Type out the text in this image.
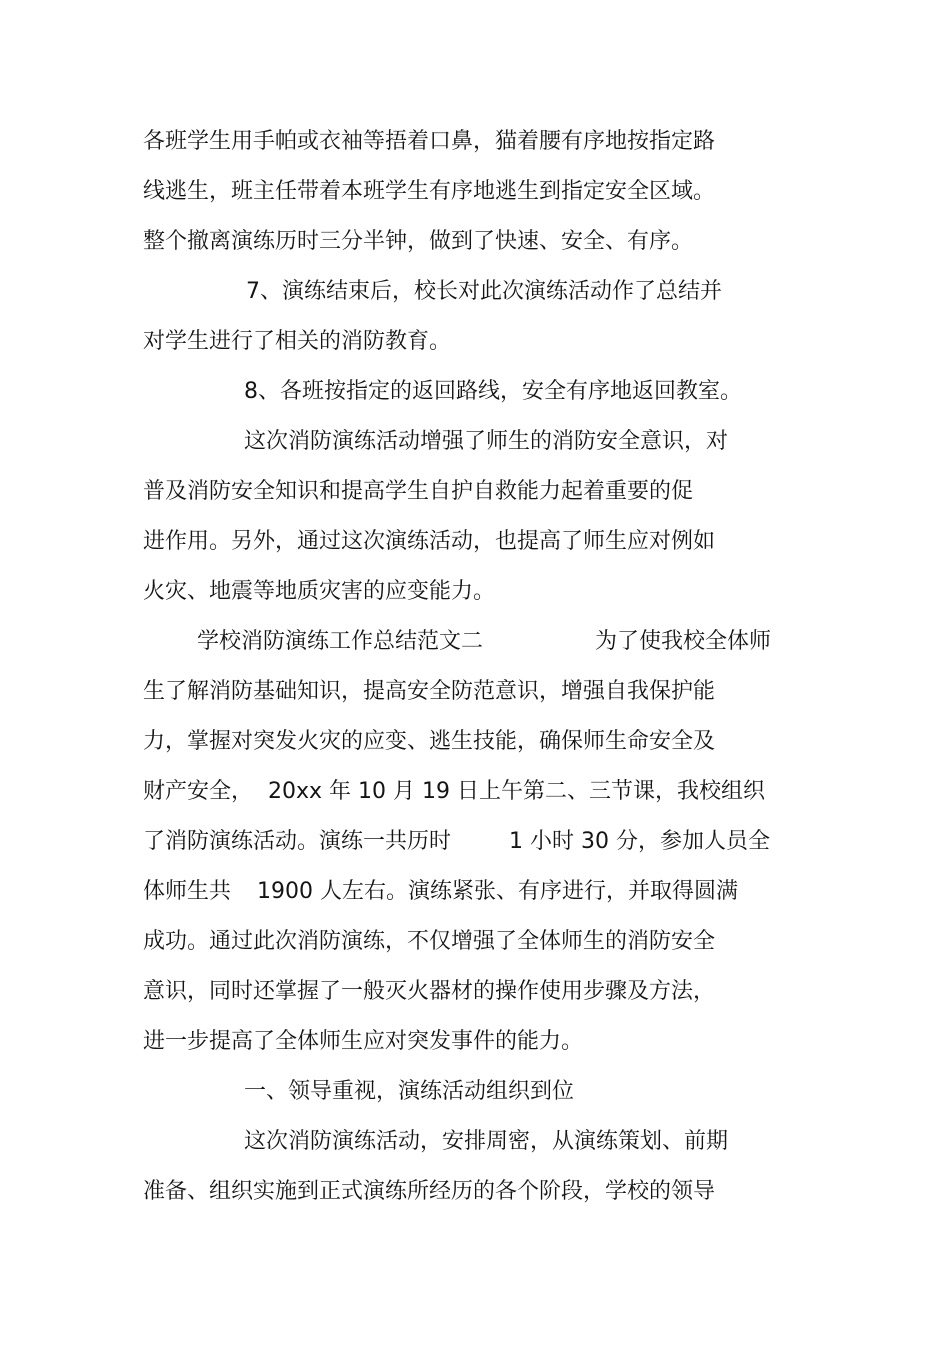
各班学生用手帕或衣袖等捂着口鼻，猫着腰有序地按指定路
线逃生，班主任带着本班学生有序地逃生到指定安全区域。
整个撤离演练历时三分半钟，做到了快速、安全、有序。
7、演练结束后，校长对此次演练活动作了总结并
对学生进行了相关的消防教育。
8、各班按指定的返回路线，安全有序地返回教室。
这次消防演练活动增强了师生的消防安全意识，对
普及消防安全知识和提高学生自护自救能力起着重要的促
进作用。另外，通过这次演练活动，也提高了师生应对例如
火灾、地震等地质灾害的应变能力。
学校消防演练工作总结范文二	为了使我校全体师
生了解消防基础知识，提高安全防范意识，增强自我保护能
力，掌握对突发火灾的应变、逃生技能，确保师生命安全及
财产安全， 20xx 年 10 月 19 日上午第二、三节课，我校组织
了消防演练活动。演练一共历时	1 小时 30 分，参加人员全
体师生共 1900 人左右。演练紧张、有序进行，并取得圆满
成功。通过此次消防演练，不仅增强了全体师生的消防安全
意识，同时还掌握了一般灭火器材的操作使用步骤及方法，
进一步提高了全体师生应对突发事件的能力。
一、领导重视，演练活动组织到位
这次消防演练活动，安排周密，从演练策划、前期
准备、组织实施到正式演练所经历的各个阶段，学校的领导
